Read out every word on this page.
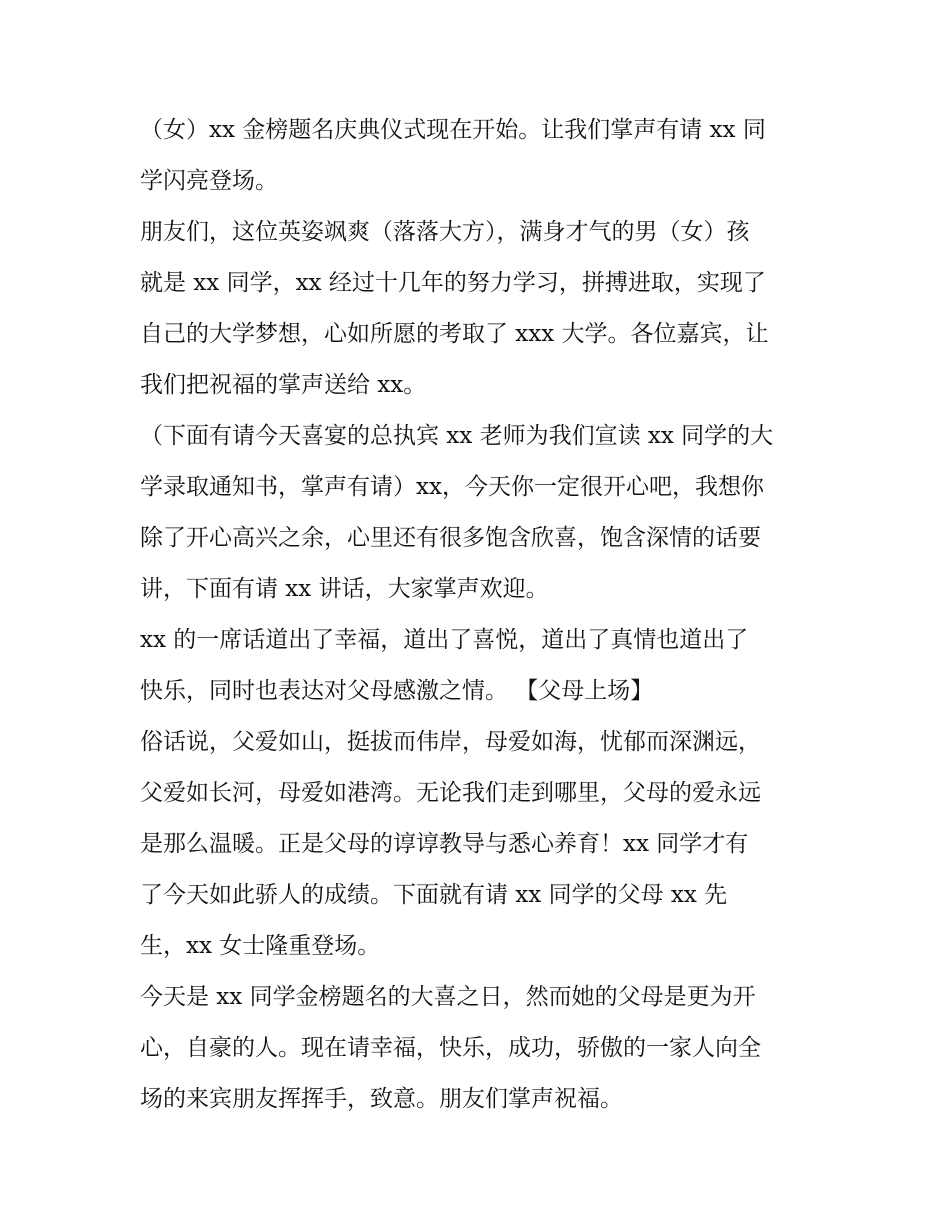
（女）xx 金榜题名庆典仪式现在开始。让我们掌声有请 xx 同
学闪亮登场。
朋友们，这位英姿飒爽（落落大方），满身才气的男（女）孩
就是 xx 同学，xx 经过十几年的努力学习，拼搏进取，实现了
自己的大学梦想，心如所愿的考取了 xxx 大学。各位嘉宾，让
我们把祝福的掌声送给 xx。
（下面有请今天喜宴的总执宾 xx 老师为我们宣读 xx 同学的大
学录取通知书，掌声有请）xx，今天你一定很开心吧，我想你
除了开心高兴之余，心里还有很多饱含欣喜，饱含深情的话要
讲，下面有请 xx 讲话，大家掌声欢迎。
xx 的一席话道出了幸福，道出了喜悦，道出了真情也道出了
快乐，同时也表达对父母感激之情。 【父母上场】
俗话说，父爱如山，挺拔而伟岸，母爱如海，忧郁而深渊远，
父爱如长河，母爱如港湾。无论我们走到哪里，父母的爱永远
是那么温暖。正是父母的谆谆教导与悉心养育！xx 同学才有
了今天如此骄人的成绩。下面就有请 xx 同学的父母 xx 先
生，xx 女士隆重登场。
今天是 xx 同学金榜题名的大喜之日，然而她的父母是更为开
心，自豪的人。现在请幸福，快乐，成功，骄傲的一家人向全
场的来宾朋友挥挥手，致意。朋友们掌声祝福。
